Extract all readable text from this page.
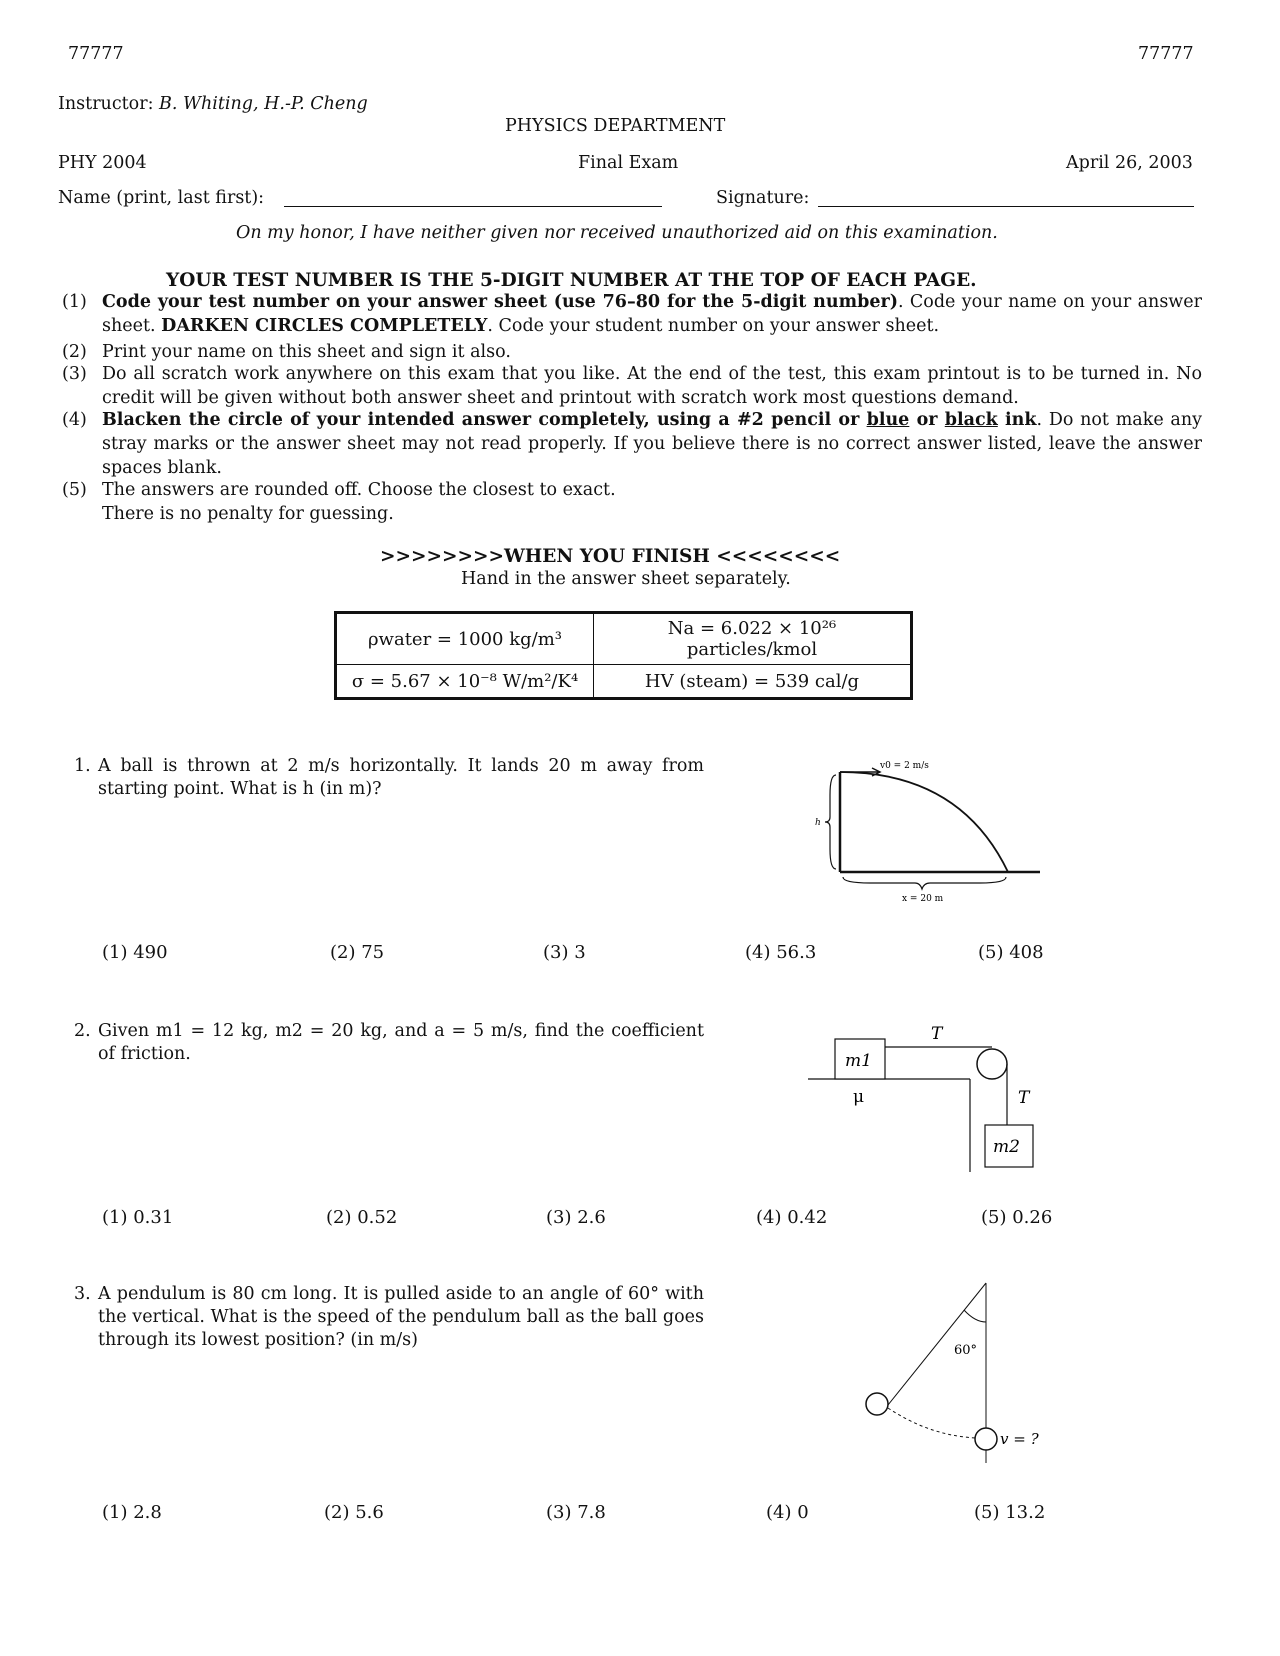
77777	77777
Instructor: B. Whiting, H.-P. Cheng
PHYSICS DEPARTMENT
PHY 2004	Final Exam	April 26, 2003
Name (print, last first):	Signature:
On my honor, I have neither given nor received unauthorized aid on this examination.
YOUR TEST NUMBER IS THE 5-DIGIT NUMBER AT THE TOP OF EACH PAGE.
(1) Code your test number on your answer sheet (use 76–80 for the 5-digit number). Code your name on your answer sheet. DARKEN CIRCLES COMPLETELY. Code your student number on your answer sheet.
(2) Print your name on this sheet and sign it also.
(3) Do all scratch work anywhere on this exam that you like. At the end of the test, this exam printout is to be turned in. No credit will be given without both answer sheet and printout with scratch work most questions demand.
(4) Blacken the circle of your intended answer completely, using a #2 pencil or blue or black ink. Do not make any stray marks or the answer sheet may not read properly. If you believe there is no correct answer listed, leave the answer spaces blank.
(5) The answers are rounded off. Choose the closest to exact.
There is no penalty for guessing.
>>>>>>>>WHEN YOU FINISH <<<<<<<<
Hand in the answer sheet separately.
ρwater = 1000 kg/m³	Na = 6.022 × 10²⁶ particles/kmol
σ = 5.67 × 10⁻⁸ W/m²/K⁴	HV (steam) = 539 cal/g
1. A ball is thrown at 2 m/s horizontally. It lands 20 m away from starting point. What is h (in m)?
v0 = 2 m/s
h
x = 20 m
(1) 490	(2) 75	(3) 3	(4) 56.3	(5) 408
2. Given m1 = 12 kg, m2 = 20 kg, and a = 5 m/s, find the coefficient of friction.	m1
T
μ	T
m2
(1) 0.31	(2) 0.52	(3) 2.6	(4) 0.42	(5) 0.26
3. A pendulum is 80 cm long. It is pulled aside to an angle of 60° with the vertical. What is the speed of the pendulum ball as the ball goes through its lowest position? (in m/s)
60°
v = ?
(1) 2.8	(2) 5.6	(3) 7.8	(4) 0	(5) 13.2
